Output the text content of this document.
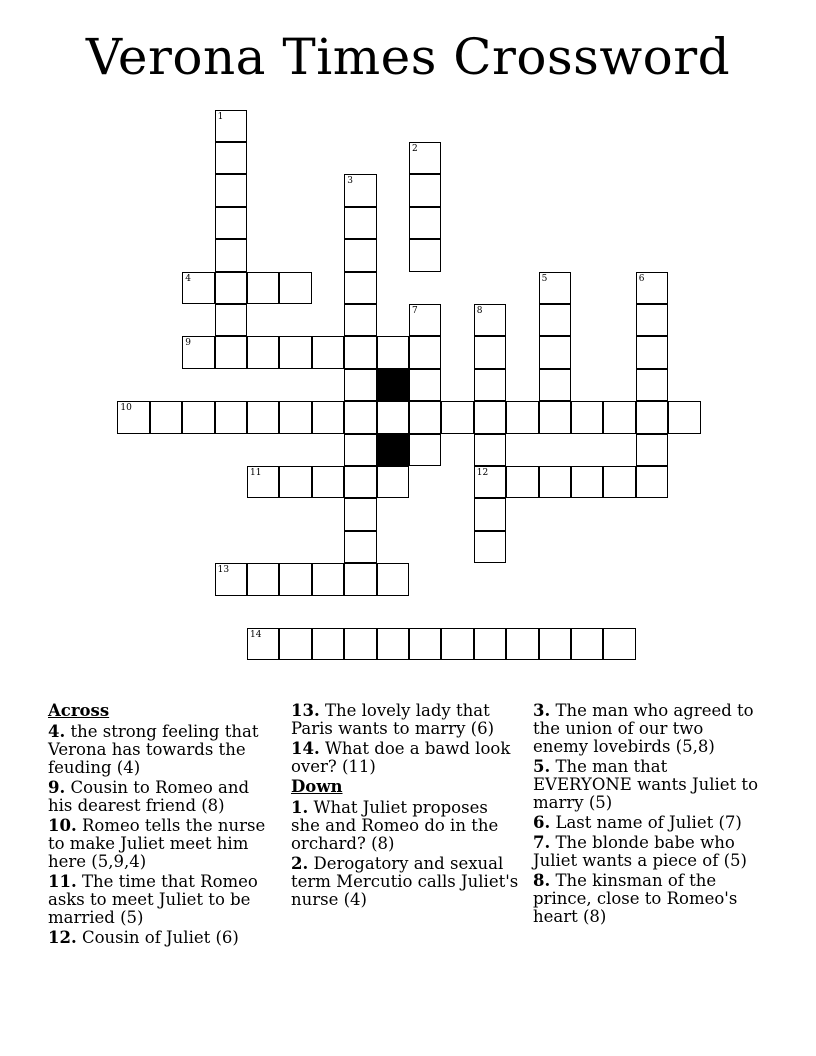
Verona Times Crossword
1
2
3
4	5	6
7	8
9
10
11	12
13
14
Across
4. the strong feeling that Verona has towards the feuding (4)
9. Cousin to Romeo and his dearest friend (8)
10. Romeo tells the nurse to make Juliet meet him here (5,9,4)
11. The time that Romeo asks to meet Juliet to be married (5)
12. Cousin of Juliet (6)
13. The lovely lady that Paris wants to marry (6)
14. What doe a bawd look over? (11)
Down
1. What Juliet proposes she and Romeo do in the orchard? (8)
2. Derogatory and sexual term Mercutio calls Juliet's nurse (4)
3. The man who agreed to the union of our two enemy lovebirds (5,8)
5. The man that EVERYONE wants Juliet to marry (5)
6. Last name of Juliet (7)
7. The blonde babe who Juliet wants a piece of (5)
8. The kinsman of the prince, close to Romeo's heart (8)
